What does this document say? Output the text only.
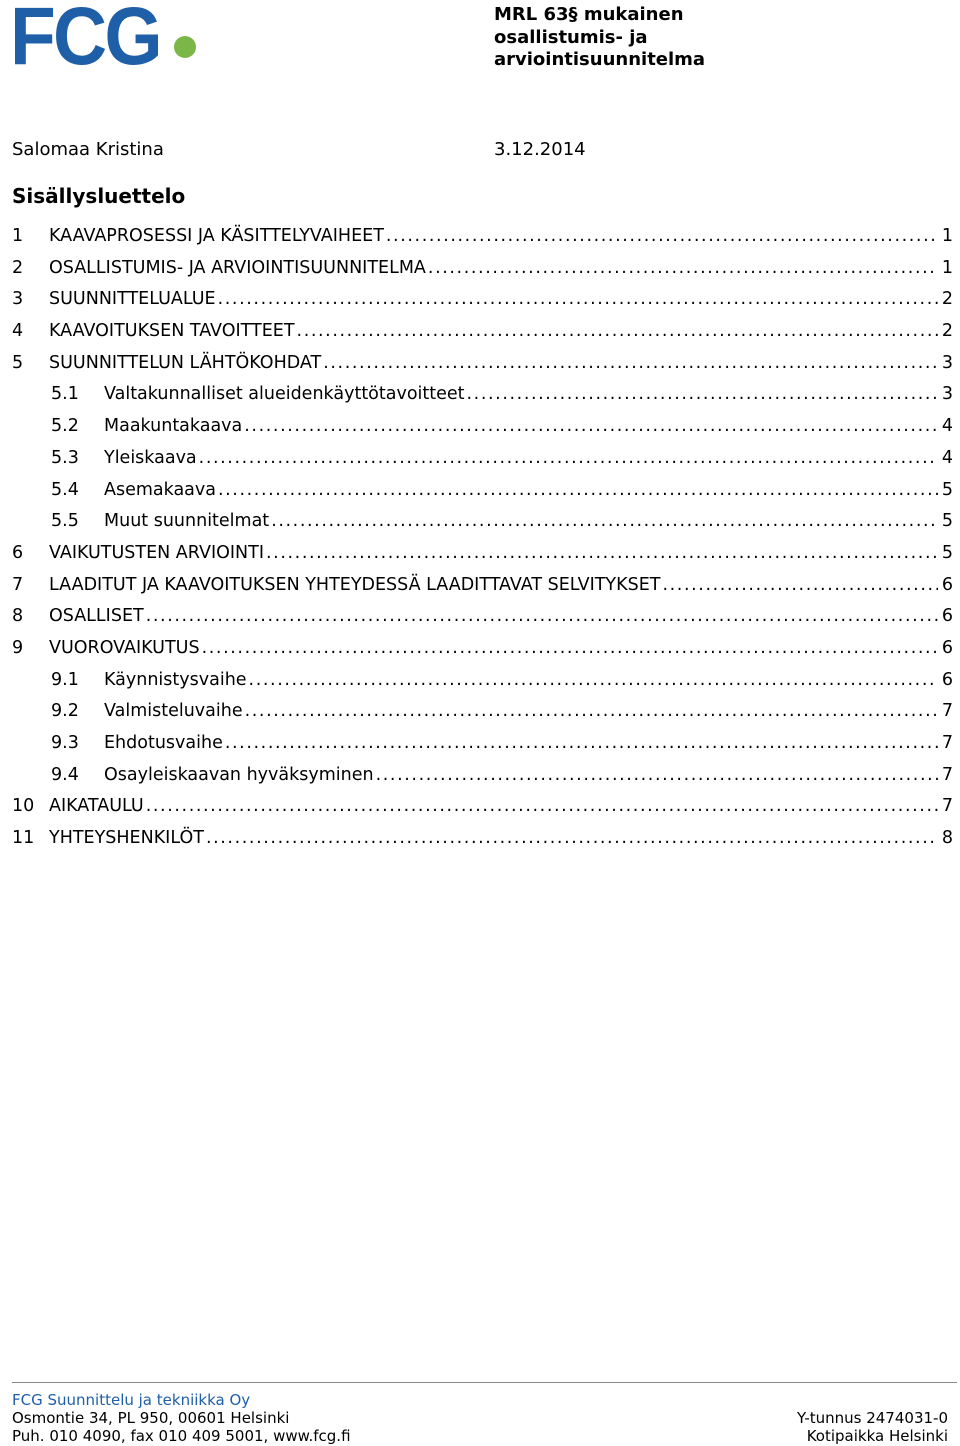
FCG	MRL 63§ mukainen
osallistumis- ja
arviointisuunnitelma
Salomaa Kristina	3.12.2014
Sisällysluettelo
1 KAAVAPROSESSI JA KÄSITTELYVAIHEET .....	1
2 OSALLISTUMIS- JA ARVIOINTISUUNNITELMA .....	1
3 SUUNNITTELUALUE .....	2
4 KAAVOITUKSEN TAVOITTEET .....	2
5 SUUNNITTELUN LÄHTÖKOHDAT .....	3
5.1 Valtakunnalliset alueidenkäyttötavoitteet .....	3
5.2 Maakuntakaava .....	4
5.3 Yleiskaava .....	4
5.4 Asemakaava .....	5
5.5 Muut suunnitelmat .....	5
6 VAIKUTUSTEN ARVIOINTI .....	5
7 LAADITUT JA KAAVOITUKSEN YHTEYDESSÄ LAADITTAVAT SELVITYKSET .....	6
8 OSALLISET .....	6
9 VUOROVAIKUTUS .....	6
9.1 Käynnistysvaihe .....	6
9.2 Valmisteluvaihe .....	7
9.3 Ehdotusvaihe .....	7
9.4 Osayleiskaavan hyväksyminen .....	7
10 AIKATAULU .....	7
11 YHTEYSHENKILÖT .....	8
FCG Suunnittelu ja tekniikka Oy
Osmontie 34, PL 950, 00601 Helsinki	Y-tunnus 2474031-0
Puh. 010 4090, fax 010 409 5001, www.fcg.fi	Kotipaikka Helsinki
